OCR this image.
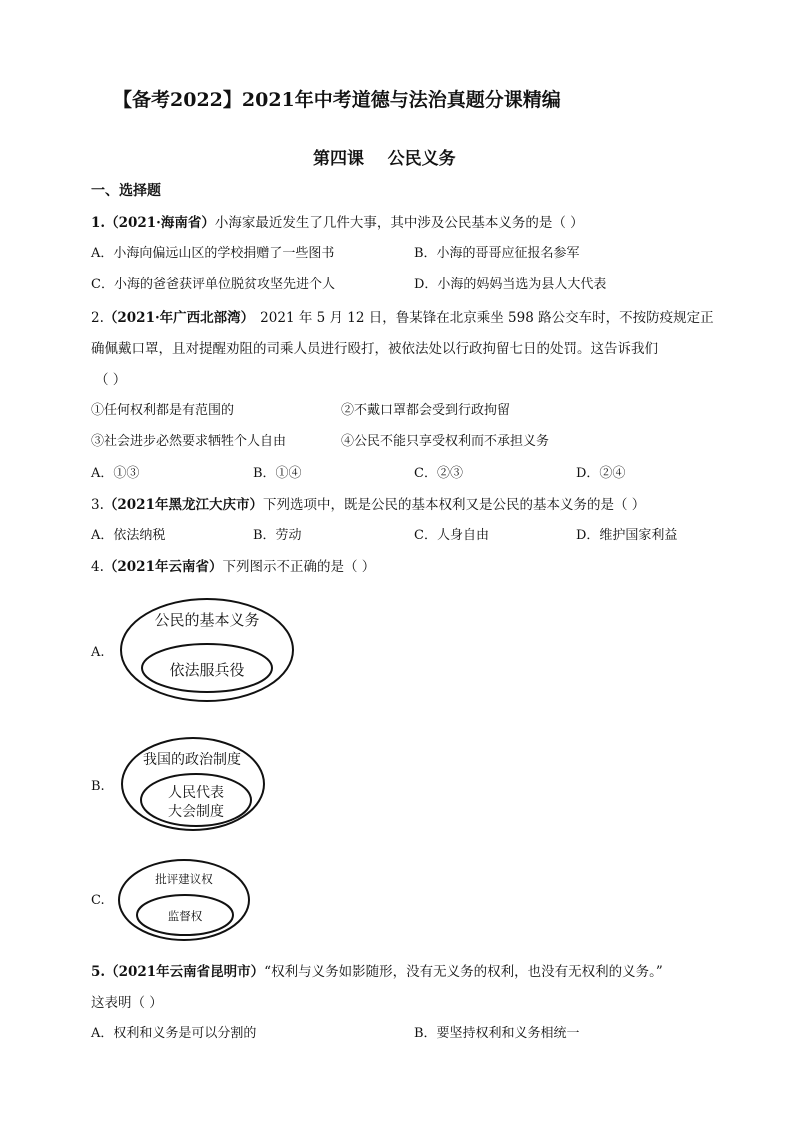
【备考2022】2021年中考道德与法治真题分课精编
第四课    公民义务
一、选择题
1.（2021·海南省）小海家最近发生了几件大事，其中涉及公民基本义务的是（ ）
A．小海向偏远山区的学校捐赠了一些图书	B．小海的哥哥应征报名参军
C．小海的爸爸获评单位脱贫攻坚先进个人	D．小海的妈妈当选为县人大代表
2.（2021·年广西北部湾） 2021 年 5 月 12 日，鲁某锋在北京乘坐 598 路公交车时，不按防疫规定正
确佩戴口罩，且对提醒劝阻的司乘人员进行殴打，被依法处以行政拘留七日的处罚。这告诉我们
（ ）
①任何权利都是有范围的	②不戴口罩都会受到行政拘留
③社会进步必然要求牺牲个人自由	④公民不能只享受权利而不承担义务
A．①③	B．①④	C．②③	D．②④
3.（2021年黑龙江大庆市）下列选项中，既是公民的基本权利又是公民的基本义务的是（ ）
A．依法纳税	B．劳动	C．人身自由	D．维护国家利益
4.（2021年云南省）下列图示不正确的是（ ）
A.
公民的基本义务
依法服兵役
B.
我国的政治制度
人民代表
大会制度
C.
批评建议权
监督权
5.（2021年云南省昆明市）“权利与义务如影随形，没有无义务的权利，也没有无权利的义务。”
这表明（ ）
A．权利和义务是可以分割的	B．要坚持权利和义务相统一
